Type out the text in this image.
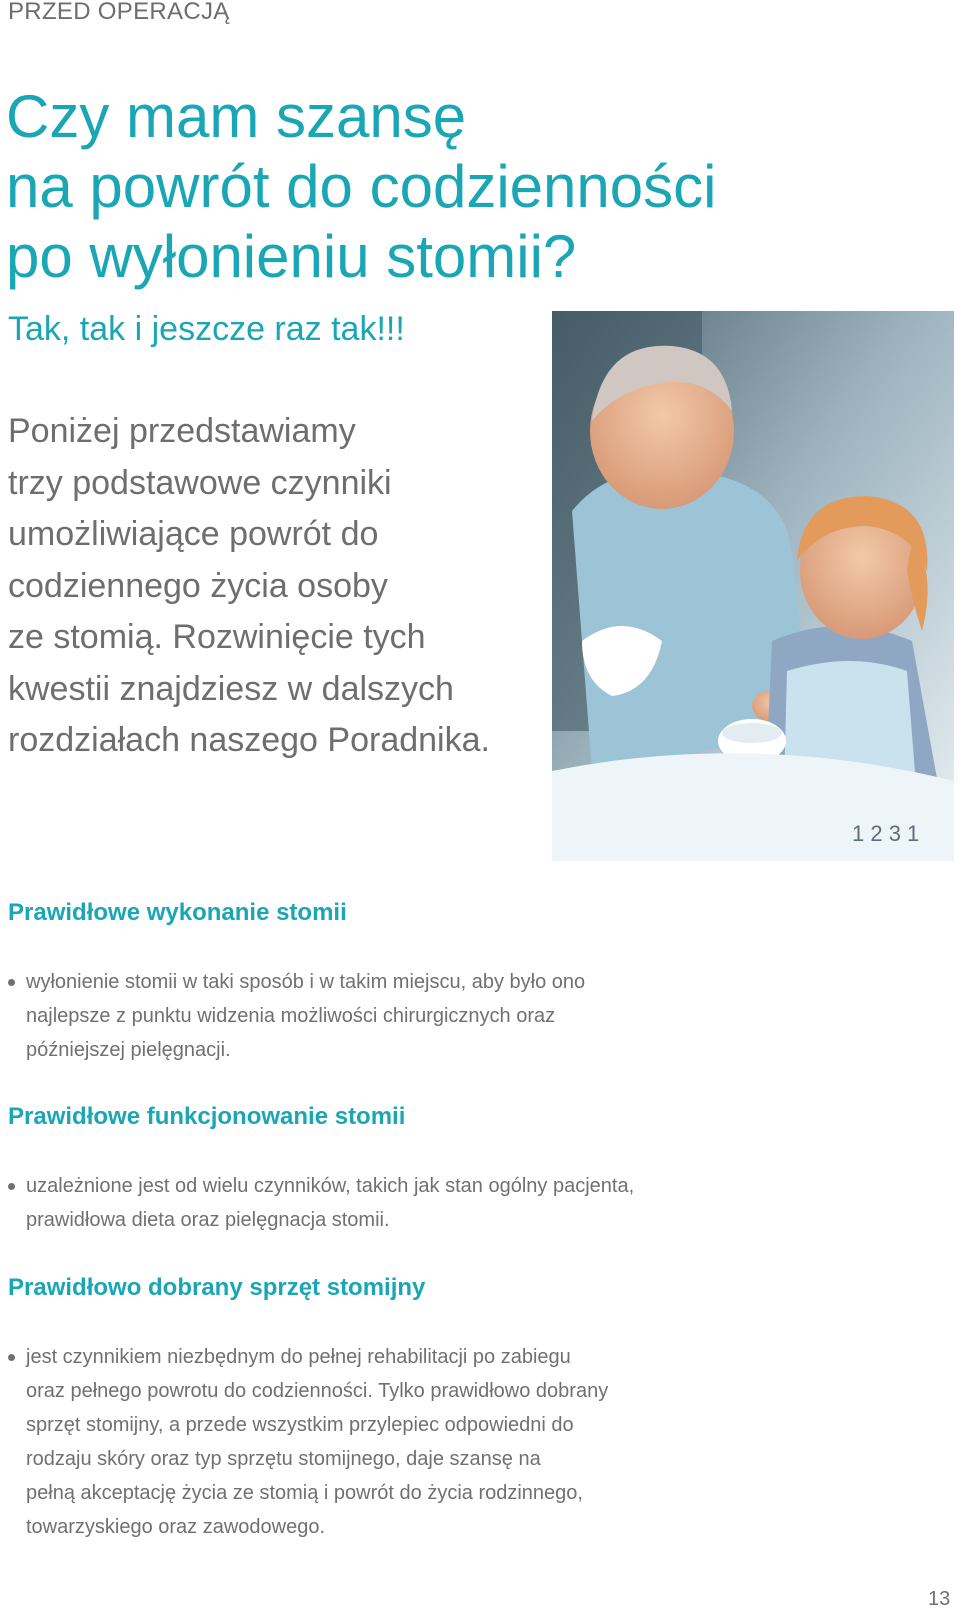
PRZED OPERACJĄ
Czy mam szansę
na powrót do codzienności
po wyłonieniu stomii?
Tak, tak i jeszcze raz tak!!!
Poniżej przedstawiamy
trzy podstawowe czynniki
umożliwiające powrót do
codziennego życia osoby
ze stomią. Rozwinięcie tych
kwestii znajdziesz w dalszych
rozdziałach naszego Poradnika.
1 2 3 1
Prawidłowe wykonanie stomii
wyłonienie stomii w taki sposób i w takim miejscu, aby było ono
najlepsze z punktu widzenia możliwości chirurgicznych oraz
późniejszej pielęgnacji.
Prawidłowe funkcjonowanie stomii
uzależnione jest od wielu czynników, takich jak stan ogólny pacjenta,
prawidłowa dieta oraz pielęgnacja stomii.
Prawidłowo dobrany sprzęt stomijny
jest czynnikiem niezbędnym do pełnej rehabilitacji po zabiegu
oraz pełnego powrotu do codzienności. Tylko prawidłowo dobrany
sprzęt stomijny, a przede wszystkim przylepiec odpowiedni do
rodzaju skóry oraz typ sprzętu stomijnego, daje szansę na
pełną akceptację życia ze stomią i powrót do życia rodzinnego,
towarzyskiego oraz zawodowego.
13
